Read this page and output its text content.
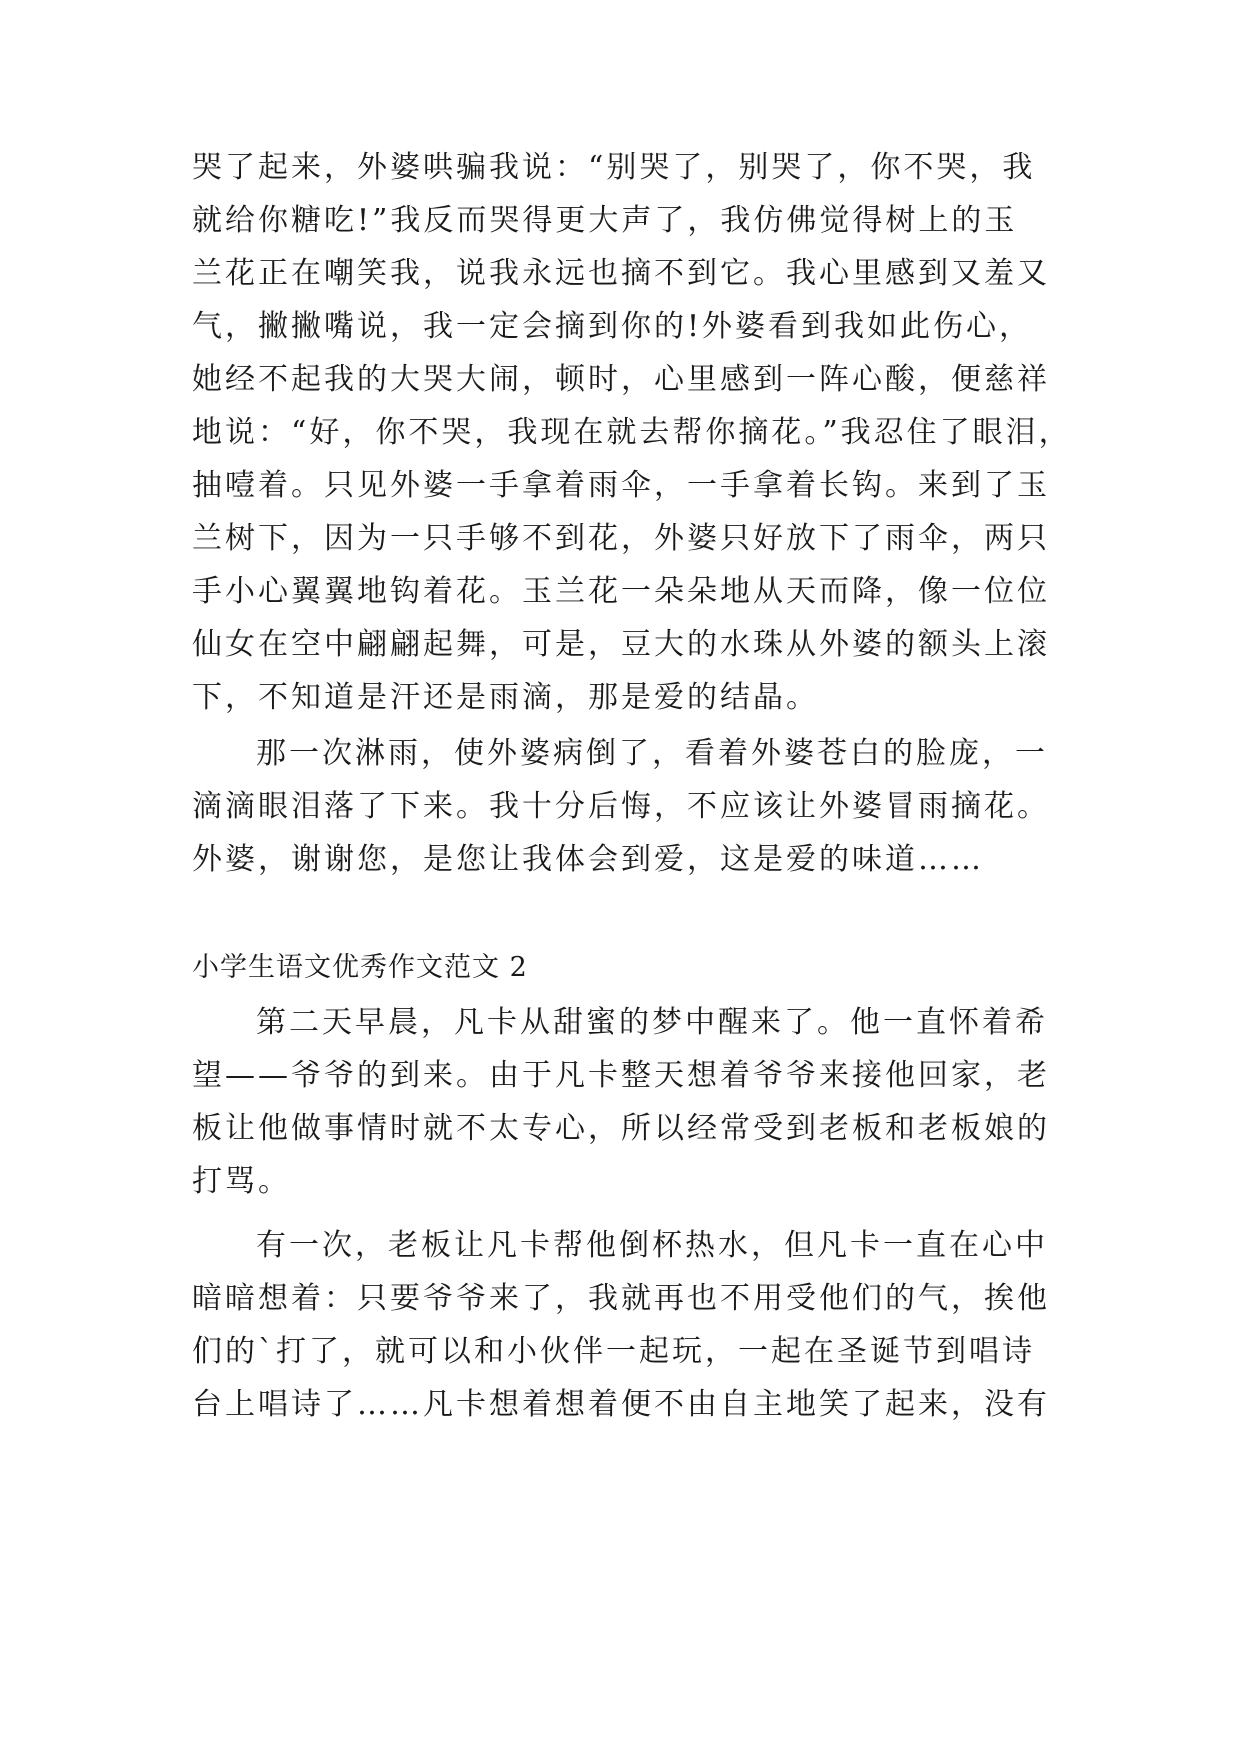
哭了起来，外婆哄骗我说：“别哭了，别哭了，你不哭，我
就给你糖吃!”我反而哭得更大声了，我仿佛觉得树上的玉
兰花正在嘲笑我，说我永远也摘不到它。我心里感到又羞又
气，撇撇嘴说，我一定会摘到你的!外婆看到我如此伤心，
她经不起我的大哭大闹，顿时，心里感到一阵心酸，便慈祥
地说：“好，你不哭，我现在就去帮你摘花。”我忍住了眼泪，
抽噎着。只见外婆一手拿着雨伞，一手拿着长钩。来到了玉
兰树下，因为一只手够不到花，外婆只好放下了雨伞，两只
手小心翼翼地钩着花。玉兰花一朵朵地从天而降，像一位位
仙女在空中翩翩起舞，可是，豆大的水珠从外婆的额头上滚
下，不知道是汗还是雨滴，那是爱的结晶。
那一次淋雨，使外婆病倒了，看着外婆苍白的脸庞，一
滴滴眼泪落了下来。我十分后悔，不应该让外婆冒雨摘花。
外婆，谢谢您，是您让我体会到爱，这是爱的味道……
小学生语文优秀作文范文 2
第二天早晨，凡卡从甜蜜的梦中醒来了。他一直怀着希
望——爷爷的到来。由于凡卡整天想着爷爷来接他回家，老
板让他做事情时就不太专心，所以经常受到老板和老板娘的
打骂。
有一次，老板让凡卡帮他倒杯热水，但凡卡一直在心中
暗暗想着：只要爷爷来了，我就再也不用受他们的气，挨他
们的`打了，就可以和小伙伴一起玩，一起在圣诞节到唱诗
台上唱诗了……凡卡想着想着便不由自主地笑了起来，没有
